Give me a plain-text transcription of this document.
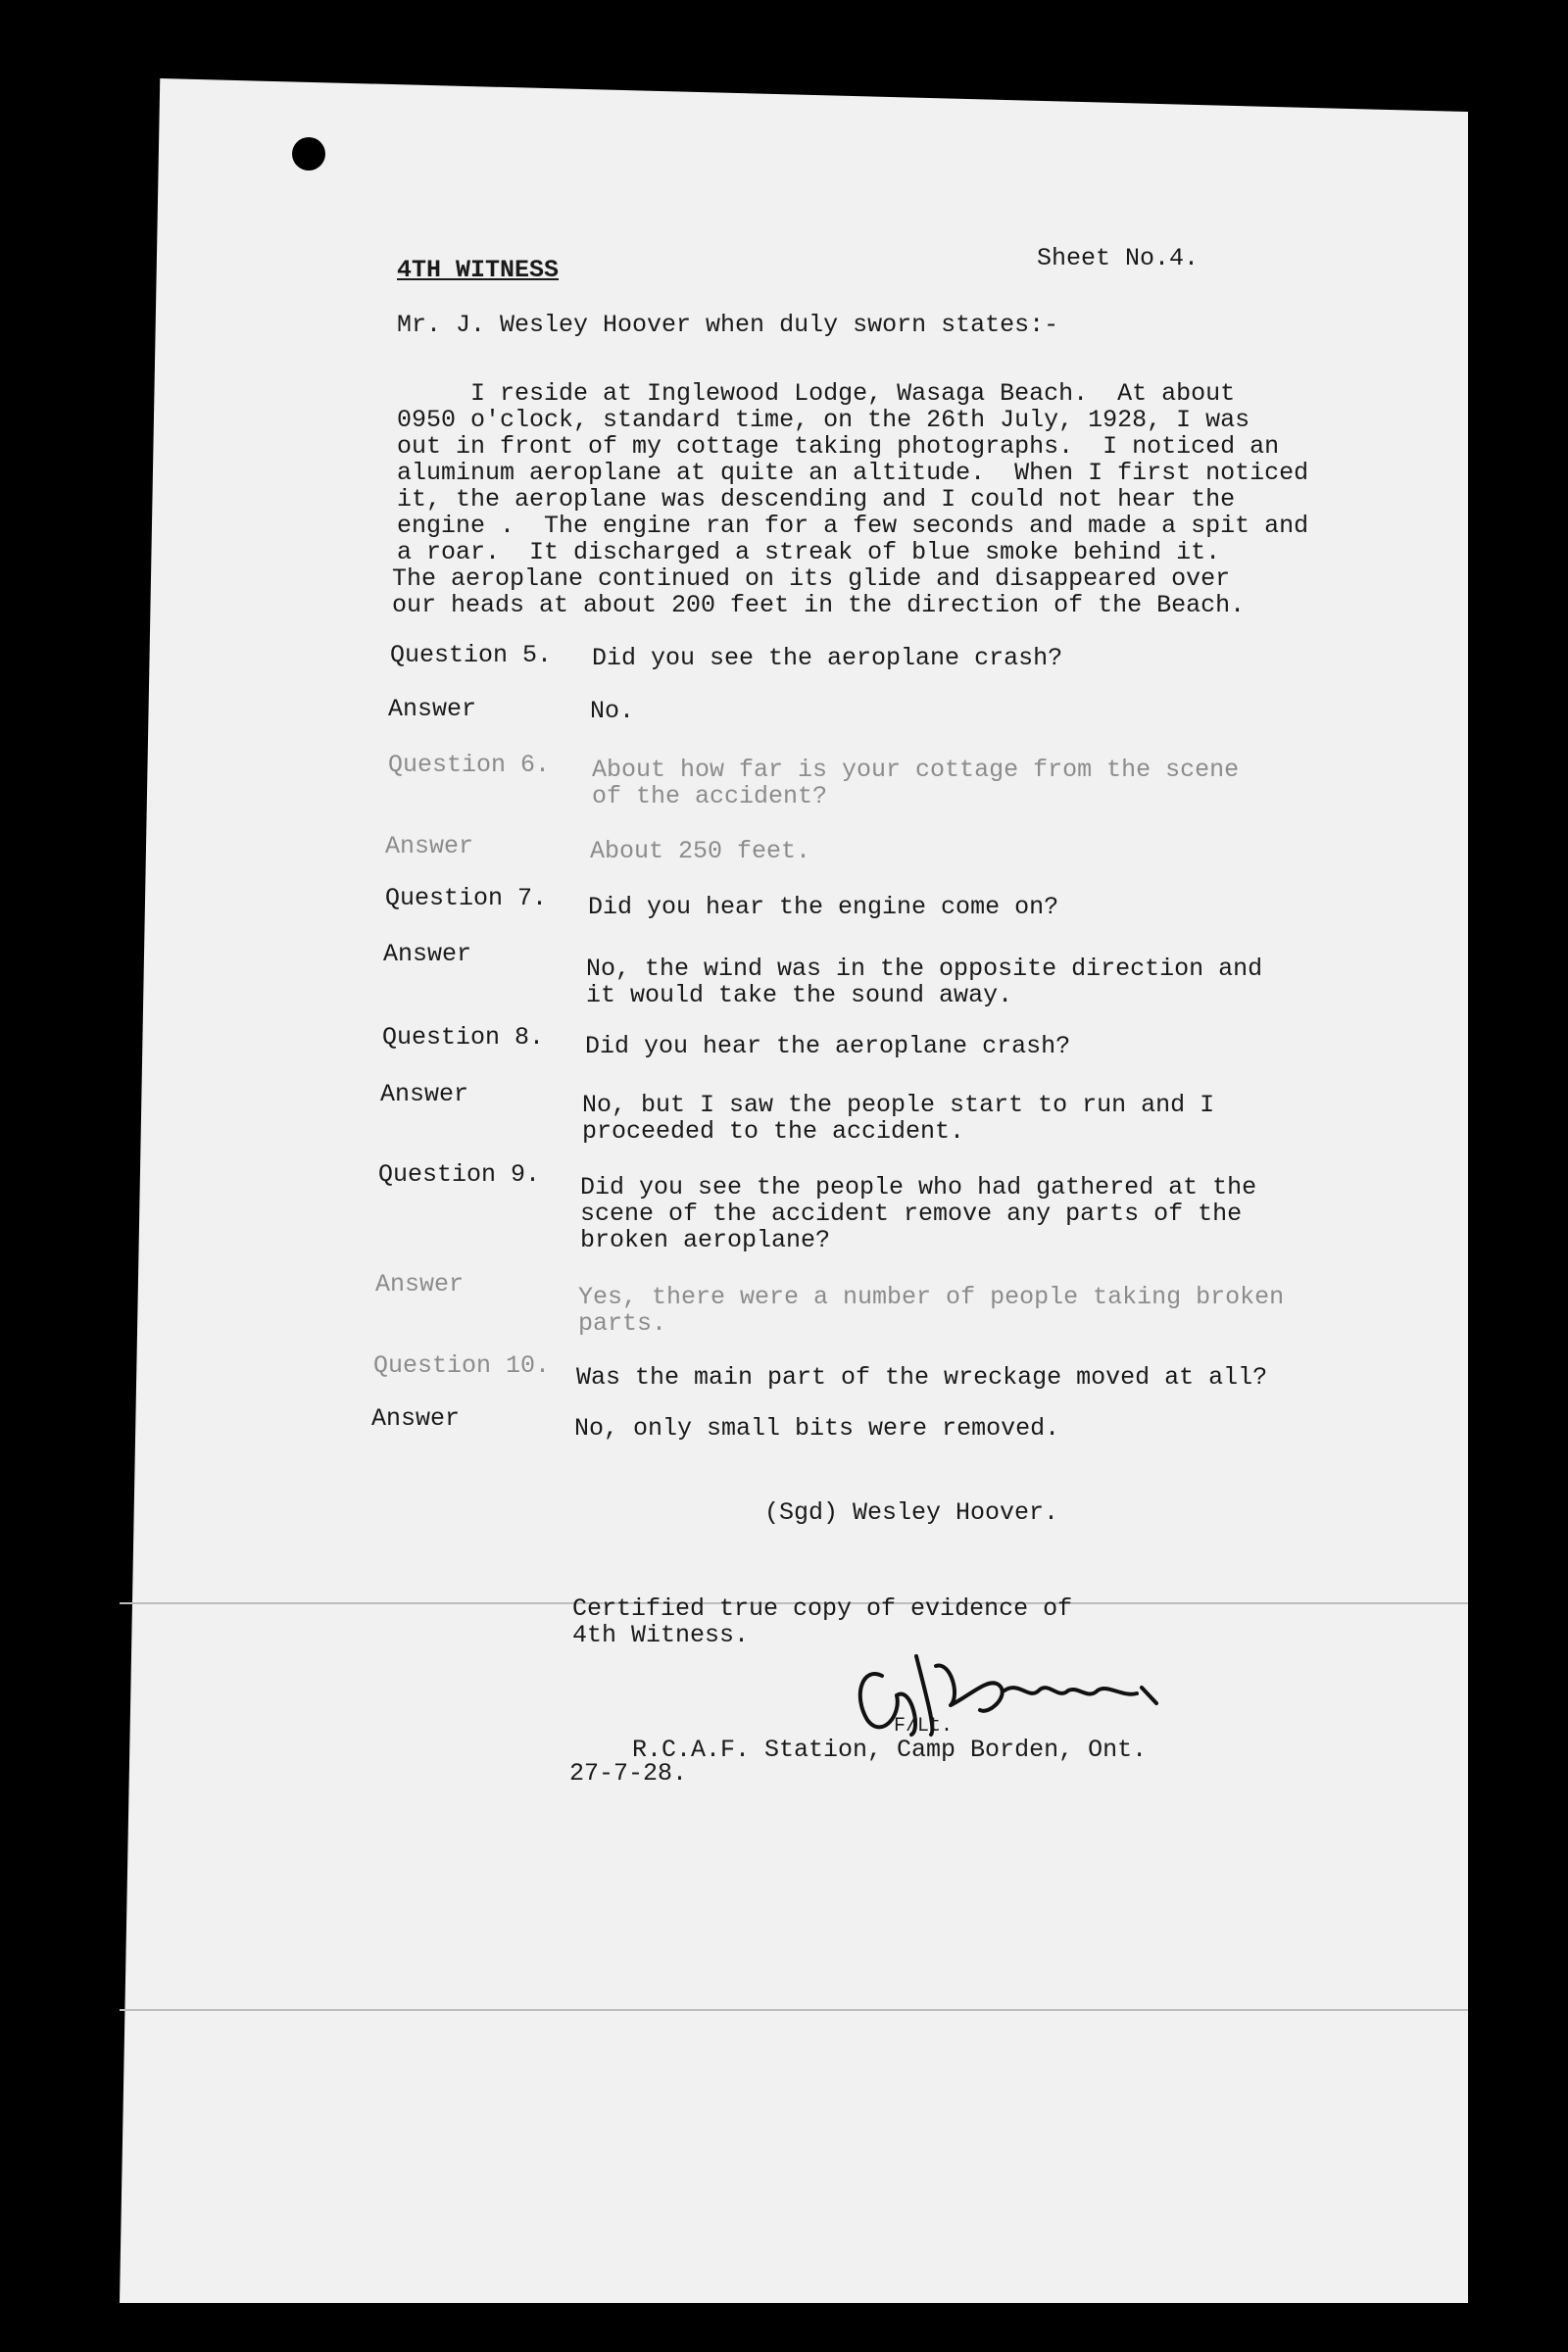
4TH WITNESS	Sheet No.4.
Mr. J. Wesley Hoover when duly sworn states:-
I reside at Inglewood Lodge, Wasaga Beach.  At about
0950 o'clock, standard time, on the 26th July, 1928, I was
out in front of my cottage taking photographs.  I noticed an
aluminum aeroplane at quite an altitude.  When I first noticed
it, the aeroplane was descending and I could not hear the
engine .  The engine ran for a few seconds and made a spit and
a roar.  It discharged a streak of blue smoke behind it.
The aeroplane continued on its glide and disappeared over
our heads at about 200 feet in the direction of the Beach.
Question 5. Did you see the aeroplane crash?
Answer	No.
Question 6. About how far is your cottage from the scene
of the accident?
Answer	About 250 feet.
Question 7. Did you hear the engine come on?
Answer
No, the wind was in the opposite direction and
it would take the sound away.
Question 8. Did you hear the aeroplane crash?
Answer	No, but I saw the people start to run and I
proceeded to the accident.
Question 9. Did you see the people who had gathered at the
scene of the accident remove any parts of the
broken aeroplane?
Answer	Yes, there were a number of people taking broken
parts.
Question 10. Was the main part of the wreckage moved at all?
Answer	No, only small bits were removed.
(Sgd) Wesley Hoover.
Certified true copy of evidence of
4th Witness.
F/Lt.
R.C.A.F. Station, Camp Borden, Ont.
27-7-28.
